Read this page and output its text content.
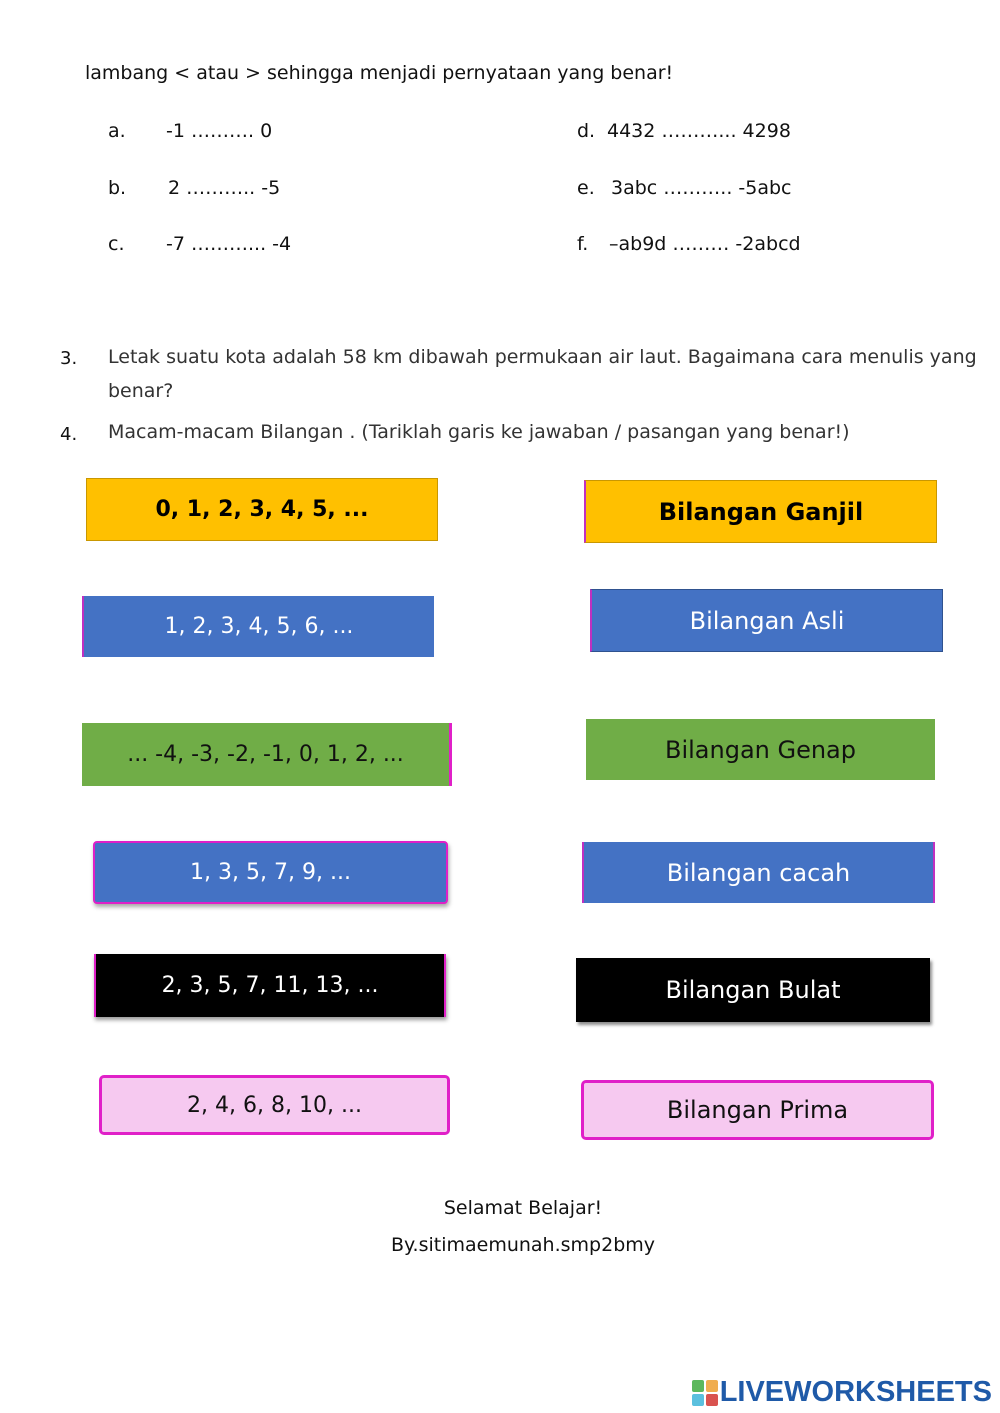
lambang < atau > sehingga menjadi pernyataan yang benar!
a. -1 ………. 0
b. 2 ……….. -5
c. -7 ………... -4
d. 4432 ………... 4298
e. 3abc ……….. -5abc
f. –ab9d ……… -2abcd
3. Letak suatu kota adalah 58 km dibawah permukaan air laut. Bagaimana cara menulis yang
benar?
4. Macam-macam Bilangan . (Tariklah garis ke jawaban / pasangan yang benar!)
0, 1, 2, 3, 4, 5, ...
1, 2, 3, 4, 5, 6, ...
... -4, -3, -2, -1, 0, 1, 2, ...
1, 3, 5, 7, 9, ...
2, 3, 5, 7, 11, 13, ...
2, 4, 6, 8, 10, ...
Bilangan Ganjil
Bilangan Asli
Bilangan Genap
Bilangan cacah
Bilangan Bulat
Bilangan Prima
Selamat Belajar!
By.sitimaemunah.smp2bmy
LIVEWORKSHEETS
